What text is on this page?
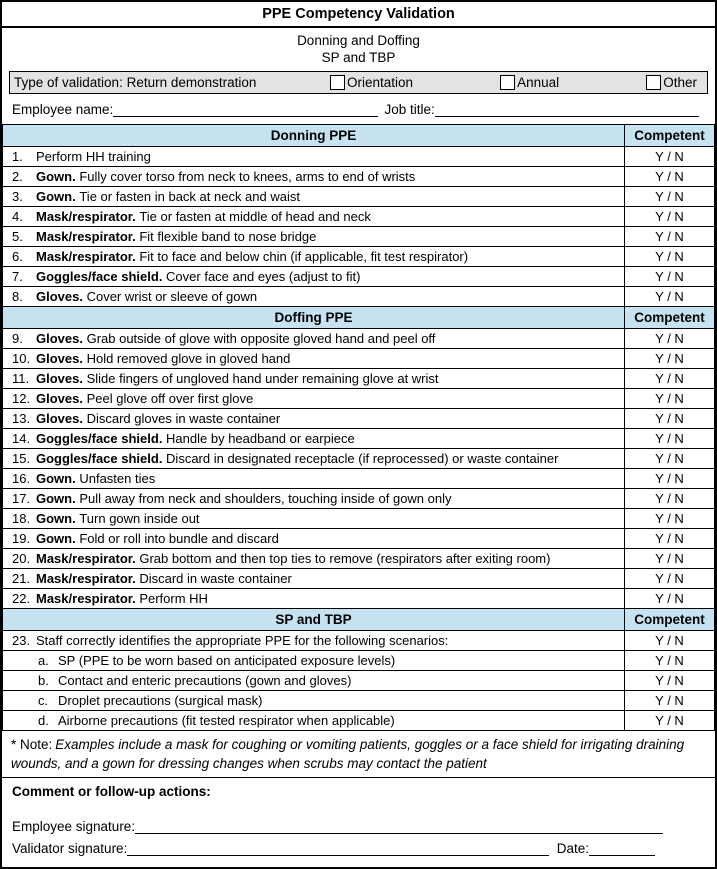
PPE Competency Validation
Donning and Doffing
SP and TBP
Type of validation: Return demonstration	Orientation	Annual	Other
Employee name:	Job title:
Donning PPE	Competent
1. Perform HH training	Y / N
2. Gown. Fully cover torso from neck to knees, arms to end of wrists	Y / N
3. Gown. Tie or fasten in back at neck and waist	Y / N
4. Mask/respirator. Tie or fasten at middle of head and neck	Y / N
5. Mask/respirator. Fit flexible band to nose bridge	Y / N
6. Mask/respirator. Fit to face and below chin (if applicable, fit test respirator)	Y / N
7. Goggles/face shield. Cover face and eyes (adjust to fit)	Y / N
8. Gloves. Cover wrist or sleeve of gown	Y / N
Doffing PPE	Competent
9. Gloves. Grab outside of glove with opposite gloved hand and peel off	Y / N
10. Gloves. Hold removed glove in gloved hand	Y / N
11. Gloves. Slide fingers of ungloved hand under remaining glove at wrist	Y / N
12. Gloves. Peel glove off over first glove	Y / N
13. Gloves. Discard gloves in waste container	Y / N
14. Goggles/face shield. Handle by headband or earpiece	Y / N
15. Goggles/face shield. Discard in designated receptacle (if reprocessed) or waste container	Y / N
16. Gown. Unfasten ties	Y / N
17. Gown. Pull away from neck and shoulders, touching inside of gown only	Y / N
18. Gown. Turn gown inside out	Y / N
19. Gown. Fold or roll into bundle and discard	Y / N
20. Mask/respirator. Grab bottom and then top ties to remove (respirators after exiting room)	Y / N
21. Mask/respirator. Discard in waste container	Y / N
22. Mask/respirator. Perform HH	Y / N
SP and TBP	Competent
23. Staff correctly identifies the appropriate PPE for the following scenarios:	Y / N
a. SP (PPE to be worn based on anticipated exposure levels)	Y / N
b. Contact and enteric precautions (gown and gloves)	Y / N
c. Droplet precautions (surgical mask)	Y / N
d. Airborne precautions (fit tested respirator when applicable)	Y / N
* Note: Examples include a mask for coughing or vomiting patients, goggles or a face shield for irrigating draining wounds, and a gown for dressing changes when scrubs may contact the patient
Comment or follow-up actions:
Employee signature:
Validator signature:	Date:
